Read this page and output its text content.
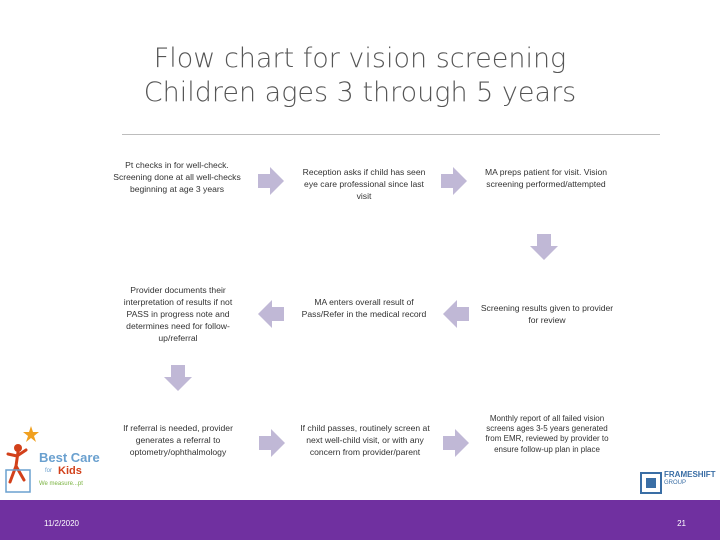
Flow chart for vision screening
Children ages 3 through 5 years
Pt checks in for well-check. Screening done at all well-checks beginning at age 3 years
Reception asks if child has seen eye care professional since last visit
MA preps patient for visit. Vision screening performed/attempted
Provider documents their interpretation of results if not PASS in progress note and determines need for follow-up/referral
MA enters overall result of Pass/Refer in the medical record
Screening results given to provider for review
If referral is needed, provider generates a referral to optometry/ophthalmology
If child passes, routinely screen at next well-child visit, or with any concern from provider/parent
Monthly report of all failed vision screens ages 3-5 years generated from EMR, reviewed by provider to ensure follow-up plan in place
Best Care
for Kids
We measure...pt
FRAMESHIFT
GROUP
11/2/2020	21
